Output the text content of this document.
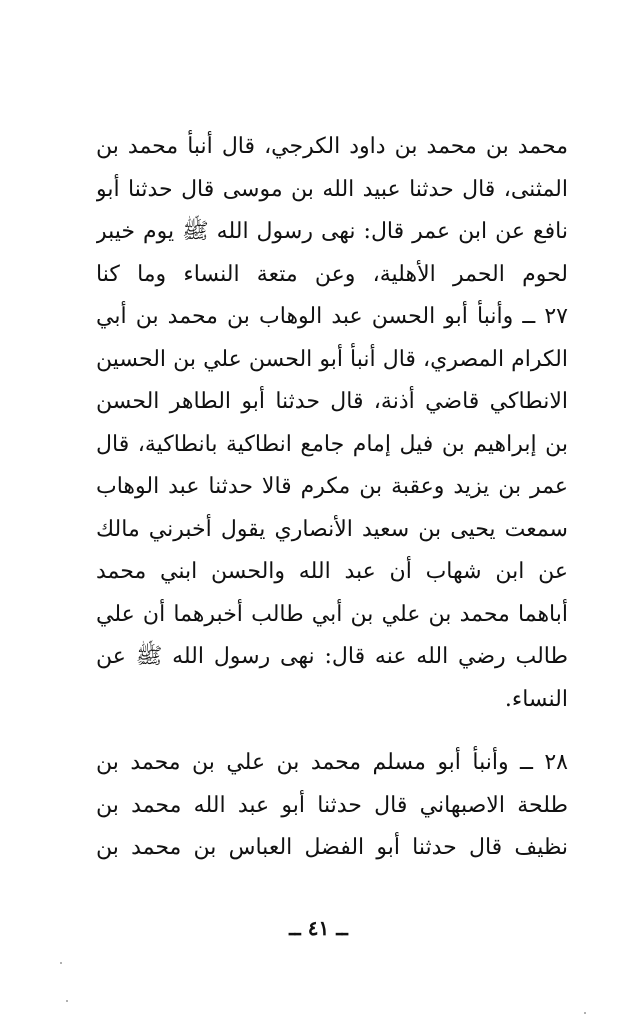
محمد بن محمد بن داود الكرجي، قال أنبأ محمد بن
المثنى، قال حدثنا عبيد الله بن موسى قال حدثنا أبو
نافع عن ابن عمر قال: نهى رسول الله ﷺ يوم خيبر
لحوم الحمر الأهلية، وعن متعة النساء وما كنا
٢٧ ــ وأنبأ أبو الحسن عبد الوهاب بن محمد بن أبي
الكرام المصري، قال أنبأ أبو الحسن علي بن الحسين
الانطاكي قاضي أذنة، قال حدثنا أبو الطاهر الحسن
بن إبراهيم بن فيل إمام جامع انطاكية بانطاكية، قال
عمر بن يزيد وعقبة بن مكرم قالا حدثنا عبد الوهاب
سمعت يحيى بن سعيد الأنصاري يقول أخبرني مالك
عن ابن شهاب أن عبد الله والحسن ابني محمد
أباهما محمد بن علي بن أبي طالب أخبرهما أن علي
طالب رضي الله عنه قال: نهى رسول الله ﷺ عن
النساء.
٢٨ ــ وأنبأ أبو مسلم محمد بن علي بن محمد بن
طلحة الاصبهاني قال حدثنا أبو عبد الله محمد بن
نظيف قال حدثنا أبو الفضل العباس بن محمد بن
ــ ٤١ ــ
